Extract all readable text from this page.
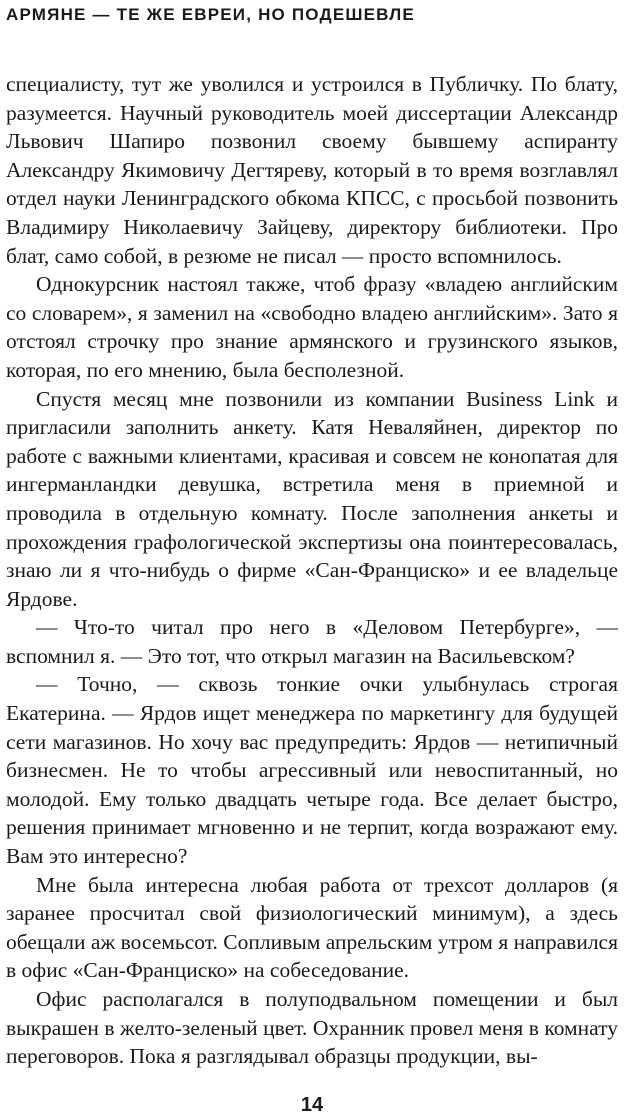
АРМЯНЕ — ТЕ ЖЕ ЕВРЕИ, НО ПОДЕШЕВЛЕ

специалисту, тут же уволился и устроился в Публичку. По блату, разумеется. Научный руководитель моей диссертации Александр Львович Шапиро позвонил своему бывшему аспиранту Александру Якимовичу Дегтяреву, который в то время возглавлял отдел науки Ленинградского обкома КПСС, с просьбой позвонить Владимиру Николаевичу Зайцеву, директору библиотеки. Про блат, само собой, в резюме не писал — просто вспомнилось.

Однокурсник настоял также, чтоб фразу «владею английским со словарем», я заменил на «свободно владею английским». Зато я отстоял строчку про знание армянского и грузинского языков, которая, по его мнению, была бесполезной.

Спустя месяц мне позвонили из компании Business Link и пригласили заполнить анкету. Катя Неваляйнен, директор по работе с важными клиентами, красивая и совсем не конопатая для ингерманландки девушка, встретила меня в приемной и проводила в отдельную комнату. После заполнения анкеты и прохождения графологической экспертизы она поинтересовалась, знаю ли я что-нибудь о фирме «Сан-Франциско» и ее владельце Ярдове.

— Что-то читал про него в «Деловом Петербурге», — вспомнил я. — Это тот, что открыл магазин на Васильевском?

— Точно, — сквозь тонкие очки улыбнулась строгая Екатерина. — Ярдов ищет менеджера по маркетингу для будущей сети магазинов. Но хочу вас предупредить: Ярдов — нетипичный бизнесмен. Не то чтобы агрессивный или невоспитанный, но молодой. Ему только двадцать четыре года. Все делает быстро, решения принимает мгновенно и не терпит, когда возражают ему. Вам это интересно?

Мне была интересна любая работа от трехсот долларов (я заранее просчитал свой физиологический минимум), а здесь обещали аж восемьсот. Сопливым апрельским утром я направился в офис «Сан-Франциско» на собеседование.

Офис располагался в полуподвальном помещении и был выкрашен в желто-зеленый цвет. Охранник провел меня в комнату переговоров. Пока я разглядывал образцы продукции, вы-

14
